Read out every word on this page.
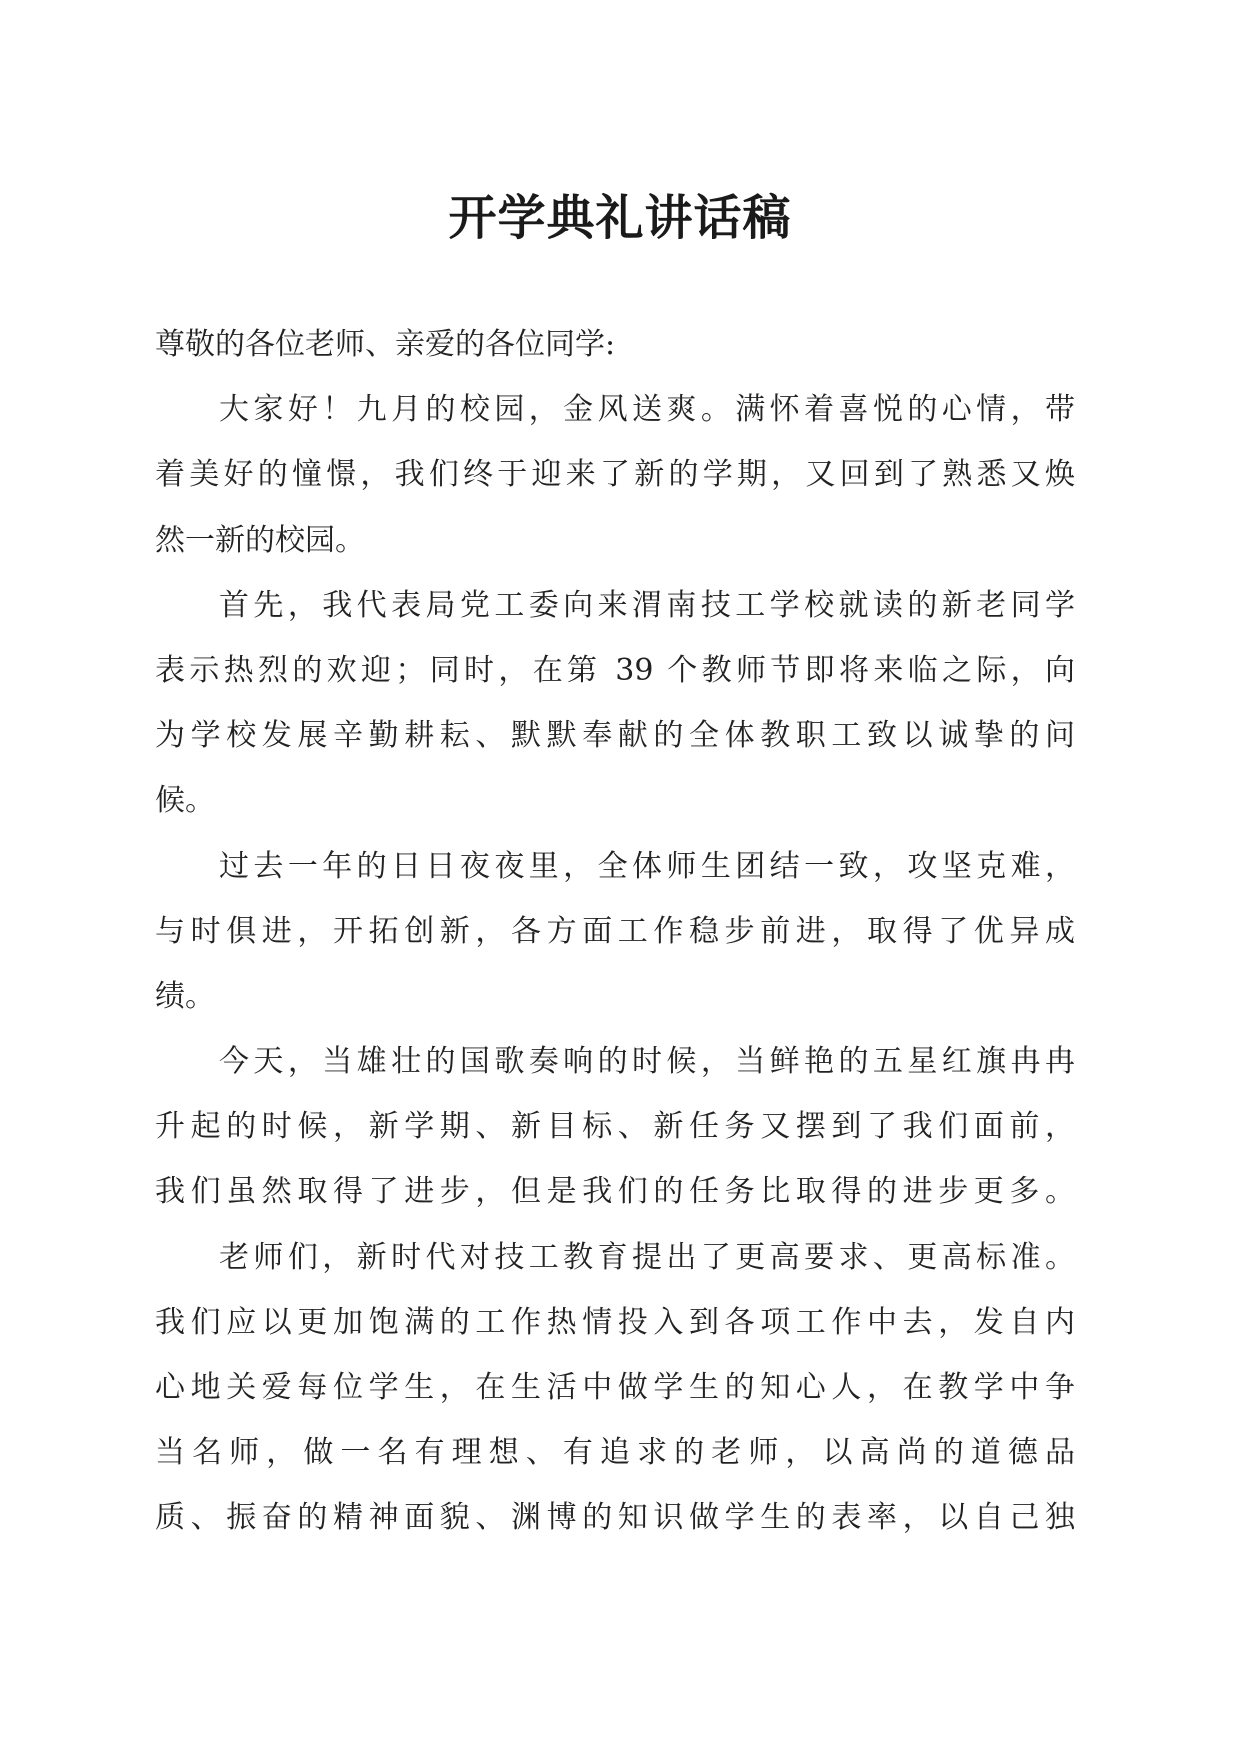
开学典礼讲话稿
尊敬的各位老师、亲爱的各位同学:
大家好！九月的校园，金风送爽。满怀着喜悦的心情，带
着美好的憧憬，我们终于迎来了新的学期，又回到了熟悉又焕
然一新的校园。
首先，我代表局党工委向来渭南技工学校就读的新老同学
表示热烈的欢迎；同时，在第 39 个教师节即将来临之际，向
为学校发展辛勤耕耘、默默奉献的全体教职工致以诚挚的问
候。
过去一年的日日夜夜里，全体师生团结一致，攻坚克难，
与时俱进，开拓创新，各方面工作稳步前进，取得了优异成
绩。
今天，当雄壮的国歌奏响的时候，当鲜艳的五星红旗冉冉
升起的时候，新学期、新目标、新任务又摆到了我们面前，
我们虽然取得了进步，但是我们的任务比取得的进步更多。
老师们，新时代对技工教育提出了更高要求、更高标准。
我们应以更加饱满的工作热情投入到各项工作中去，发自内
心地关爱每位学生，在生活中做学生的知心人，在教学中争
当名师，做一名有理想、有追求的老师，以高尚的道德品
质、振奋的精神面貌、渊博的知识做学生的表率，以自己独
